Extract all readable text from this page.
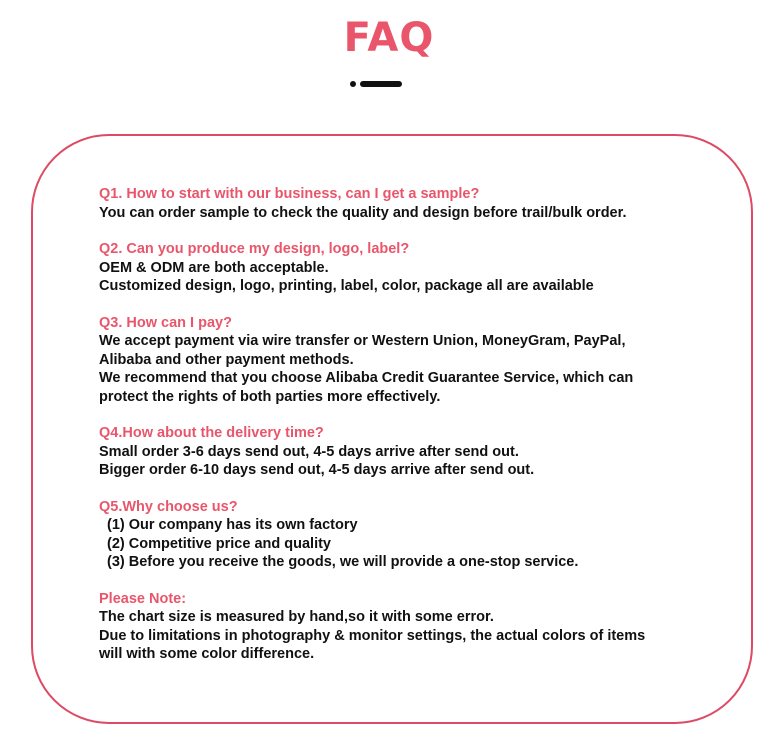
FAQ
Q1. How to start with our business, can I get a sample?
You can order sample to check the quality and design before trail/bulk order.
Q2. Can you produce my design, logo, label?
OEM & ODM are both acceptable.
Customized design, logo, printing, label, color, package all are available
Q3. How can I pay?
We accept payment via wire transfer or Western Union, MoneyGram, PayPal,
Alibaba and other payment methods.
We recommend that you choose Alibaba Credit Guarantee Service, which can
protect the rights of both parties more effectively.
Q4.How about the delivery time?
Small order 3-6 days send out, 4-5 days arrive after send out.
Bigger order 6-10 days send out, 4-5 days arrive after send out.
Q5.Why choose us?
(1) Our company has its own factory
(2) Competitive price and quality
(3) Before you receive the goods, we will provide a one-stop service.
Please Note:
The chart size is measured by hand,so it with some error.
Due to limitations in photography & monitor settings, the actual colors of items
will with some color difference.
